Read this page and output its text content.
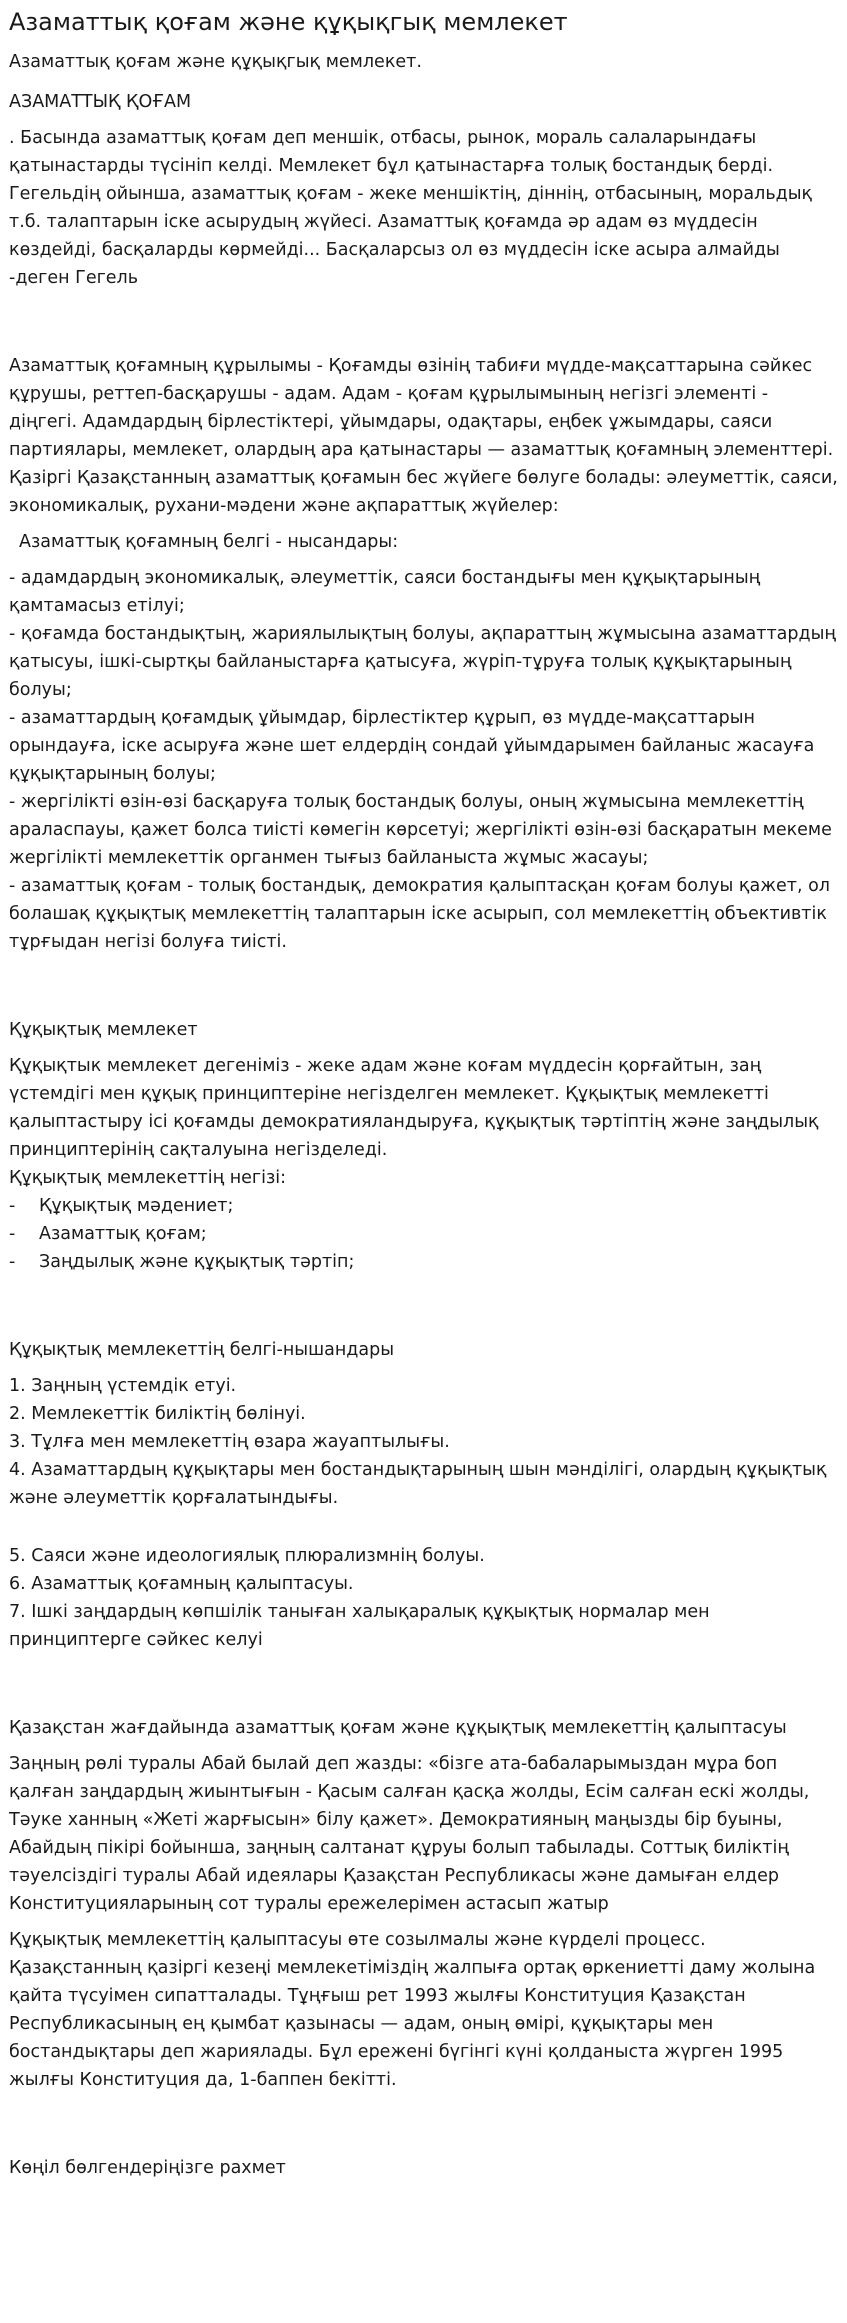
Азаматтық қоғам және құқықгық мемлекет

Азаматтық қоғам және құқықгық мемлекет.

АЗАМАТТЫҚ ҚОҒАМ

. Басында азаматтық қоғам деп меншік, отбасы, рынок, мораль салаларындағы қатынастарды түсініп келді. Мемлекет бұл қатынастарға толық бостандық берді. Гегельдің ойынша, азаматтық қоғам - жеке меншіктің, діннің, отбасының, моральдық т.б. талаптарын іске асырудың жүйесі. Азаматтық қоғамда әр адам өз мүддесін көздейді, басқаларды көрмейді... Басқаларсыз ол өз мүддесін іске асыра алмайды -деген Гегель

Азаматтық қоғамның құрылымы - Қоғамды өзінің табиғи мүдде-мақсаттарына сәйкес құрушы, реттеп-басқарушы - адам. Адам - қоғам құрылымының негізгі элементі - діңгегі. Адамдардың бірлестіктері, ұйымдары, одақтары, еңбек ұжымдары, саяси партиялары, мемлекет, олардың ара қатынастары — азаматтық қоғамның элементтері.

Қазіргі Қазақстанның азаматтық қоғамын бес жүйеге бөлуге болады: әлеуметтік, саяси, экономикалық, рухани-мәдени және ақпараттық жүйелер:

Азаматтық қоғамның белгі - нысандары:

- адамдардың экономикалық, әлеуметтік, саяси бостандығы мен құқықтарының қамтамасыз етілуі;

- қоғамда бостандықтың, жариялылықтың болуы, ақпараттың жұмысына азаматтардың қатысуы, ішкі-сыртқы байланыстарға қатысуға, жүріп-тұруға толық құқықтарының болуы;

- азаматтардың қоғамдық ұйымдар, бірлестіктер құрып, өз мүдде-мақсаттарын орындауға, іске асыруға және шет елдердің сондай ұйымдарымен байланыс жасауға құқықтарының болуы;

- жергілікті өзін-өзі басқаруға толық бостандық болуы, оның жұмысына мемлекеттің араласпауы, қажет болса тиісті көмегін көрсетуі; жергілікті өзін-өзі басқаратын мекеме жергілікті мемлекеттік органмен тығыз байланыста жұмыс жасауы;

- азаматтық қоғам - толық бостандық, демократия қалыптасқан қоғам болуы қажет, ол болашақ құқықтық мемлекеттің талаптарын іске асырып, сол мемлекеттің объективтік тұрғыдан негізі болуға тиісті.

Құқықтық мемлекет

Құқықтык мемлекет дегеніміз - жеке адам және коғам мүддесін қорғайтын, заң үстемдігі мен құқық принциптеріне негізделген мемлекет. Құқықтық мемлекетті қалыптастыру ісі қоғамды демократияландыруға, құқықтық тәртіптің және заңдылық принциптерінің сақталуына негізделеді.

Құқықтық мемлекеттің негізі:

-	Құқықтық мәдениет;

-	Азаматтық қоғам;

-	Заңдылық және құқықтық тәртіп;

Құқықтық мемлекеттің белгі-нышандары

1. Заңның үстемдік етуі.

2. Мемлекеттік биліктің бөлінуі.

3. Тұлға мен мемлекеттің өзара жауаптылығы.

4. Азаматтардың құқықтары мен бостандықтарының шын мәнділігі, олардың құқықтық және әлеуметтік қорғалатындығы.

5. Саяси және идеологиялық плюрализмнің болуы.

6. Азаматтық қоғамның қалыптасуы.

7. Ішкі заңдардың көпшілік танығaн халықаралық құқықтық нормалар мен принциптерге сәйкес келуі

Қазақстан жағдайында азаматтық қоғам және құқықтық мемлекеттің қалыптасуы

Заңның рөлі туралы Абай былай деп жазды: «бізге ата-бабаларымыздан мұра боп қалған заңдардың жиынтығын - Қасым салған қасқа жолды, Есім салған ескі жолды, Тәуке ханның «Жеті жарғысын» білу қажет». Демократияның маңызды бір буыны, Абайдың пікірі бойынша, заңның салтанат құруы болып табылады. Соттық биліктің тәуелсіздігі туралы Абай идеялары Қазақстан Республикасы және дамыған елдер Конституцияларының сот туралы ережелерімен астасып жатыр

Құқықтық мемлекеттің қалыптасуы өте созылмалы және күрделі процесс. Қазақстанның қазіргі кезеңі мемлекетіміздің жалпыға ортақ өркениетті даму жолына қайта түсуімен сипатталады. Тұңғыш рет 1993 жылғы Конституция Қазақстан Республикасының ең қымбат қазынасы — адам, оның өмірі, құқықтары мен бостандықтары деп жариялады. Бұл ережені бүгінгі күні қолданыста жүрген 1995 жылғы Конституция да, 1-баппен бекітті.

Көңіл бөлгендеріңізге рахмет
